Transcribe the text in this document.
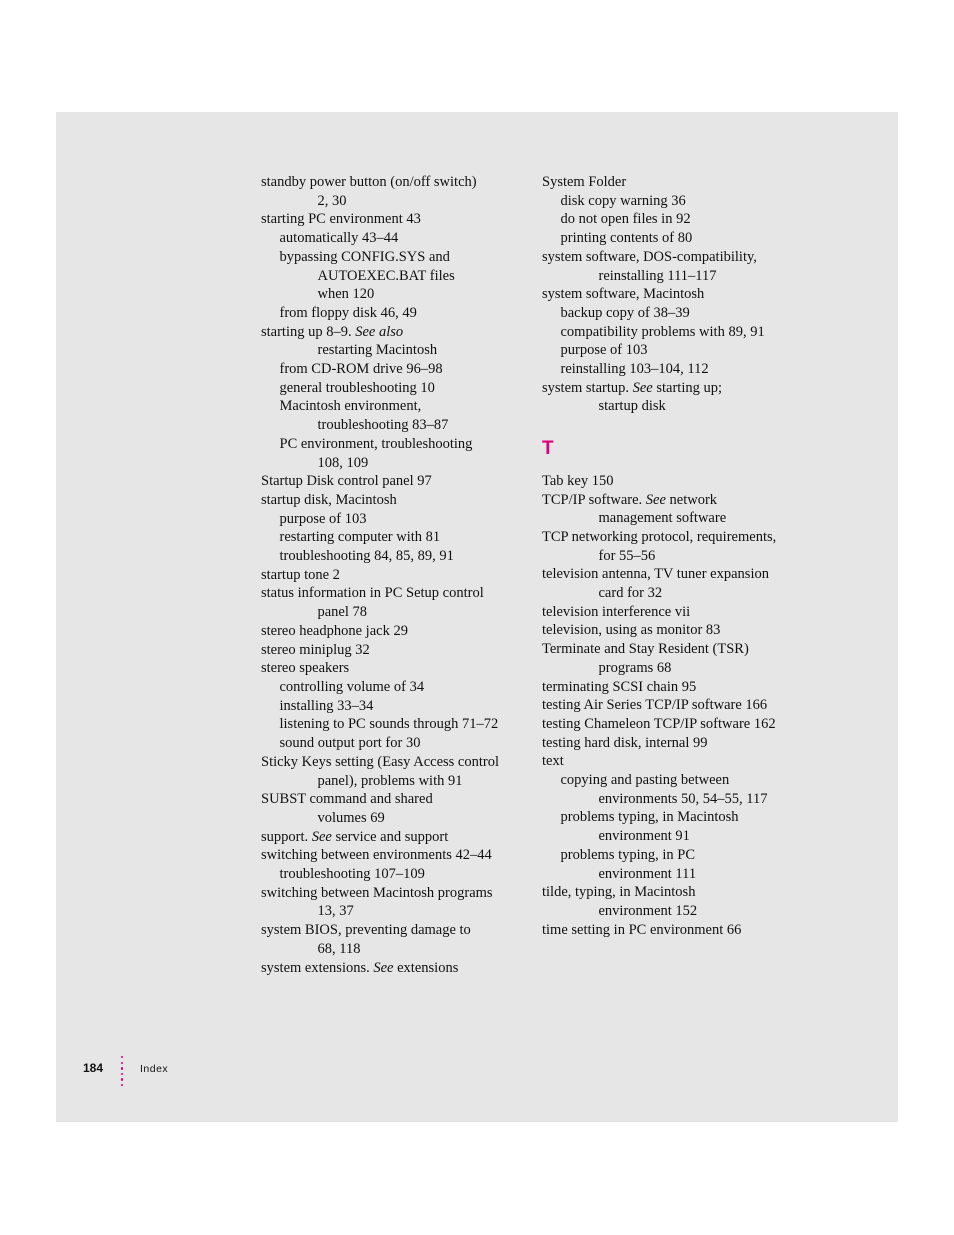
standby power button (on/off switch)
2, 30
starting PC environment 43
automatically 43–44
bypassing CONFIG.SYS and
AUTOEXEC.BAT files
when 120
from floppy disk 46, 49
starting up 8–9. See also
restarting Macintosh
from CD-ROM drive 96–98
general troubleshooting 10
Macintosh environment,
troubleshooting 83–87
PC environment, troubleshooting
108, 109
Startup Disk control panel 97
startup disk, Macintosh
purpose of 103
restarting computer with 81
troubleshooting 84, 85, 89, 91
startup tone 2
status information in PC Setup control
panel 78
stereo headphone jack 29
stereo miniplug 32
stereo speakers
controlling volume of 34
installing 33–34
listening to PC sounds through 71–72
sound output port for 30
Sticky Keys setting (Easy Access control
panel), problems with 91
SUBST command and shared
volumes 69
support. See service and support
switching between environments 42–44
troubleshooting 107–109
switching between Macintosh programs
13, 37
system BIOS, preventing damage to
68, 118
system extensions. See extensions
System Folder
disk copy warning 36
do not open files in 92
printing contents of 80
system software, DOS-compatibility,
reinstalling 111–117
system software, Macintosh
backup copy of 38–39
compatibility problems with 89, 91
purpose of 103
reinstalling 103–104, 112
system startup. See starting up;
startup disk
T
Tab key 150
TCP/IP software. See network
management software
TCP networking protocol, requirements,
for 55–56
television antenna, TV tuner expansion
card for 32
television interference vii
television, using as monitor 83
Terminate and Stay Resident (TSR)
programs 68
terminating SCSI chain 95
testing Air Series TCP/IP software 166
testing Chameleon TCP/IP software 162
testing hard disk, internal 99
text
copying and pasting between
environments 50, 54–55, 117
problems typing, in Macintosh
environment 91
problems typing, in PC
environment 111
tilde, typing, in Macintosh
environment 152
time setting in PC environment 66
184	Index
